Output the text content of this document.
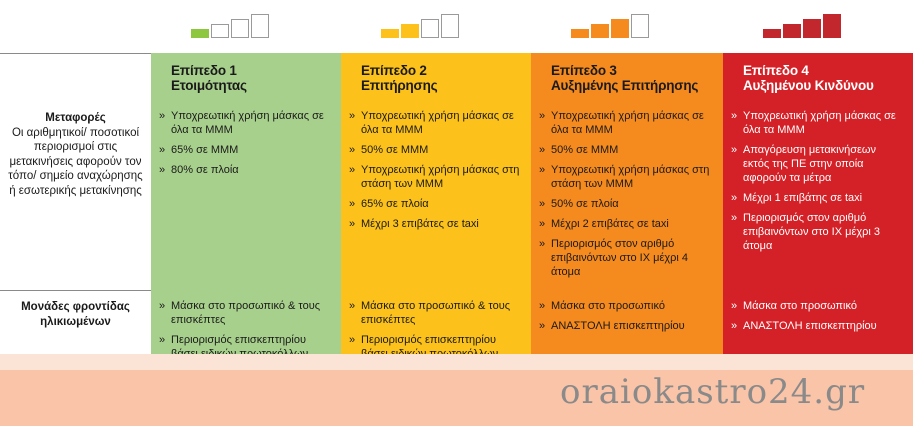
Επίπεδο 1
Ετοιμότητας
Επίπεδο 2
Επιτήρησης
Επίπεδο 3
Αυξημένης Επιτήρησης
Επίπεδο 4
Αυξημένου Κινδύνου
Μεταφορές
Οι αριθμητικοί/ ποσοτικοί περιορισμοί στις μετακινήσεις αφορούν τον τόπο/ σημείο αναχώρησης ή εσωτερικής μετακίνησης
» Υποχρεωτική χρήση μάσκας σε όλα τα ΜΜΜ
» 65% σε ΜΜΜ
» 80% σε πλοία
» Υποχρεωτική χρήση μάσκας σε όλα τα ΜΜΜ
» 50% σε ΜΜΜ
» Υποχρεωτική χρήση μάσκας στη στάση των ΜΜΜ
» 65% σε πλοία
» Μέχρι 3 επιβάτες σε taxi
» Υποχρεωτική χρήση μάσκας σε όλα τα ΜΜΜ
» 50% σε ΜΜΜ
» Υποχρεωτική χρήση μάσκας στη στάση των ΜΜΜ
» 50% σε πλοία
» Μέχρι 2 επιβάτες σε taxi
» Περιορισμός στον αριθμό επιβαινόντων στο ΙΧ μέχρι 4 άτομα
» Υποχρεωτική χρήση μάσκας σε όλα τα ΜΜΜ
» Απαγόρευση μετακινήσεων εκτός της ΠΕ στην οποία αφορούν τα μέτρα
» Μέχρι 1 επιβάτης σε taxi
» Περιορισμός στον αριθμό επιβαινόντων στο ΙΧ μέχρι 3 άτομα
Μονάδες φροντίδας ηλικιωμένων
» Μάσκα στο προσωπικό & τους επισκέπτες
» Περιορισμός επισκεπτηρίου
» Μάσκα στο προσωπικό & τους επισκέπτες
» Περιορισμός επισκεπτηρίου
» Μάσκα στο προσωπικό
» ΑΝΑΣΤΟΛΗ επισκεπτηρίου
» Μάσκα στο προσωπικό
» ΑΝΑΣΤΟΛΗ επισκεπτηρίου
oraiokastro24.gr
